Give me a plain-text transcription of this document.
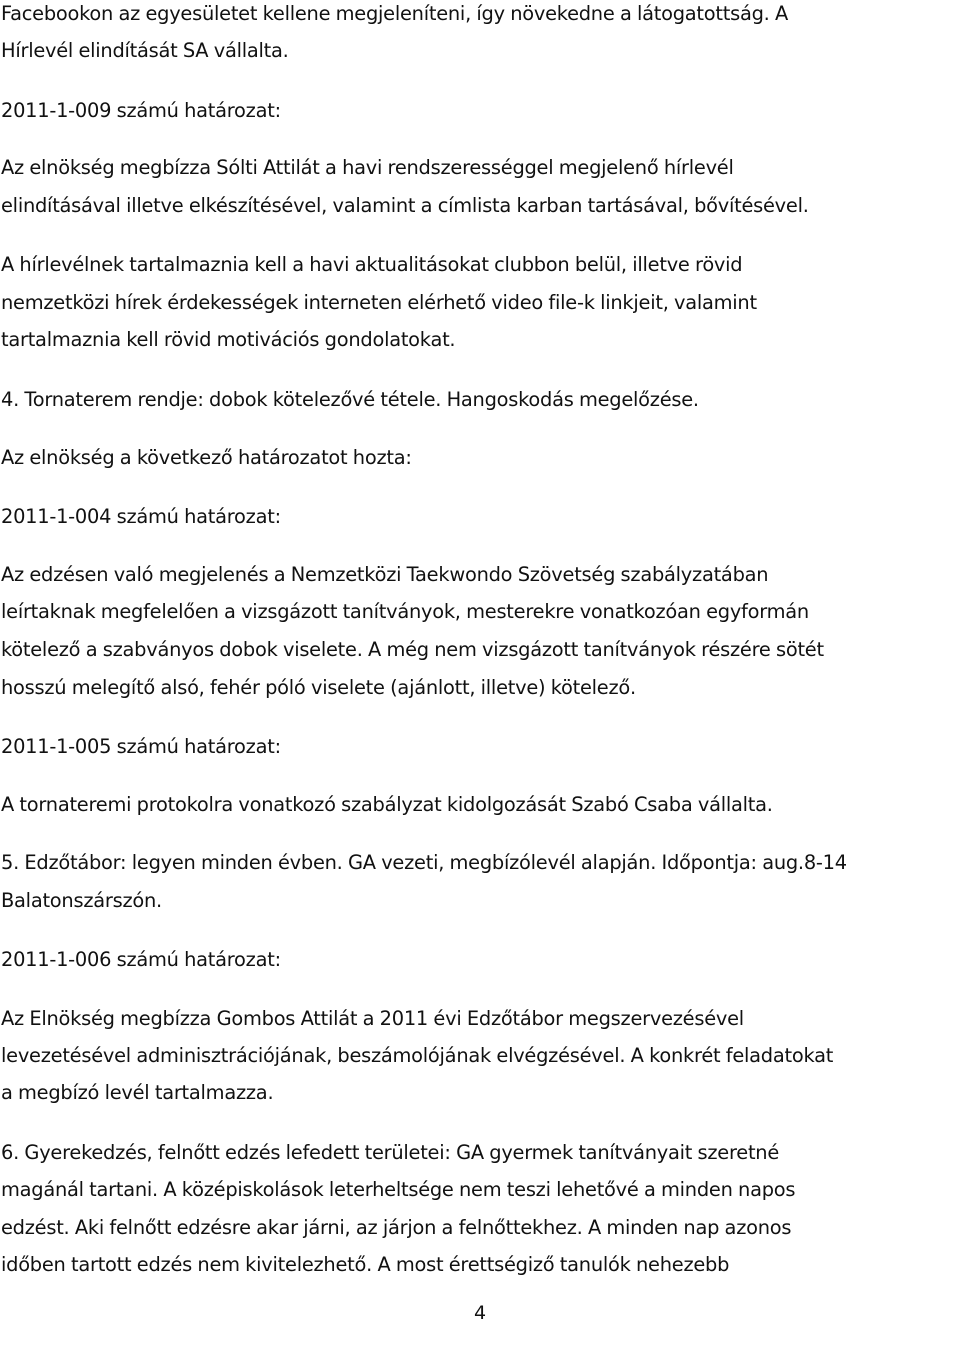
Facebookon az egyesületet kellene megjeleníteni, így növekedne a látogatottság. A
Hírlevél elindítását SA vállalta.
2011-1-009 számú határozat:
Az elnökség megbízza Sólti Attilát a havi rendszerességgel megjelenő hírlevél
elindításával illetve elkészítésével, valamint a címlista karban tartásával, bővítésével.
A hírlevélnek tartalmaznia kell a havi aktualitásokat clubbon belül, illetve rövid
nemzetközi hírek érdekességek interneten elérhető video file-k linkjeit, valamint
tartalmaznia kell rövid motivációs gondolatokat.
4. Tornaterem rendje: dobok kötelezővé tétele. Hangoskodás megelőzése.
Az elnökség a következő határozatot hozta:
2011-1-004 számú határozat:
Az edzésen való megjelenés a Nemzetközi Taekwondo Szövetség szabályzatában
leírtaknak megfelelően a vizsgázott tanítványok, mesterekre vonatkozóan egyformán
kötelező a szabványos dobok viselete. A még nem vizsgázott tanítványok részére sötét
hosszú melegítő alsó, fehér póló viselete (ajánlott, illetve) kötelező.
2011-1-005 számú határozat:
A tornateremi protokolra vonatkozó szabályzat kidolgozását Szabó Csaba vállalta.
5. Edzőtábor: legyen minden évben. GA vezeti, megbízólevél alapján. Időpontja: aug.8-14
Balatonszárszón.
2011-1-006 számú határozat:
Az Elnökség megbízza Gombos Attilát a 2011 évi Edzőtábor megszervezésével
levezetésével adminisztrációjának, beszámolójának elvégzésével. A konkrét feladatokat
a megbízó levél tartalmazza.
6. Gyerekedzés, felnőtt edzés lefedett területei: GA gyermek tanítványait szeretné
magánál tartani. A középiskolások leterheltsége nem teszi lehetővé a minden napos
edzést. Aki felnőtt edzésre akar járni, az járjon a felnőttekhez. A minden nap azonos
időben tartott edzés nem kivitelezhető. A most érettségiző tanulók nehezebb
4
